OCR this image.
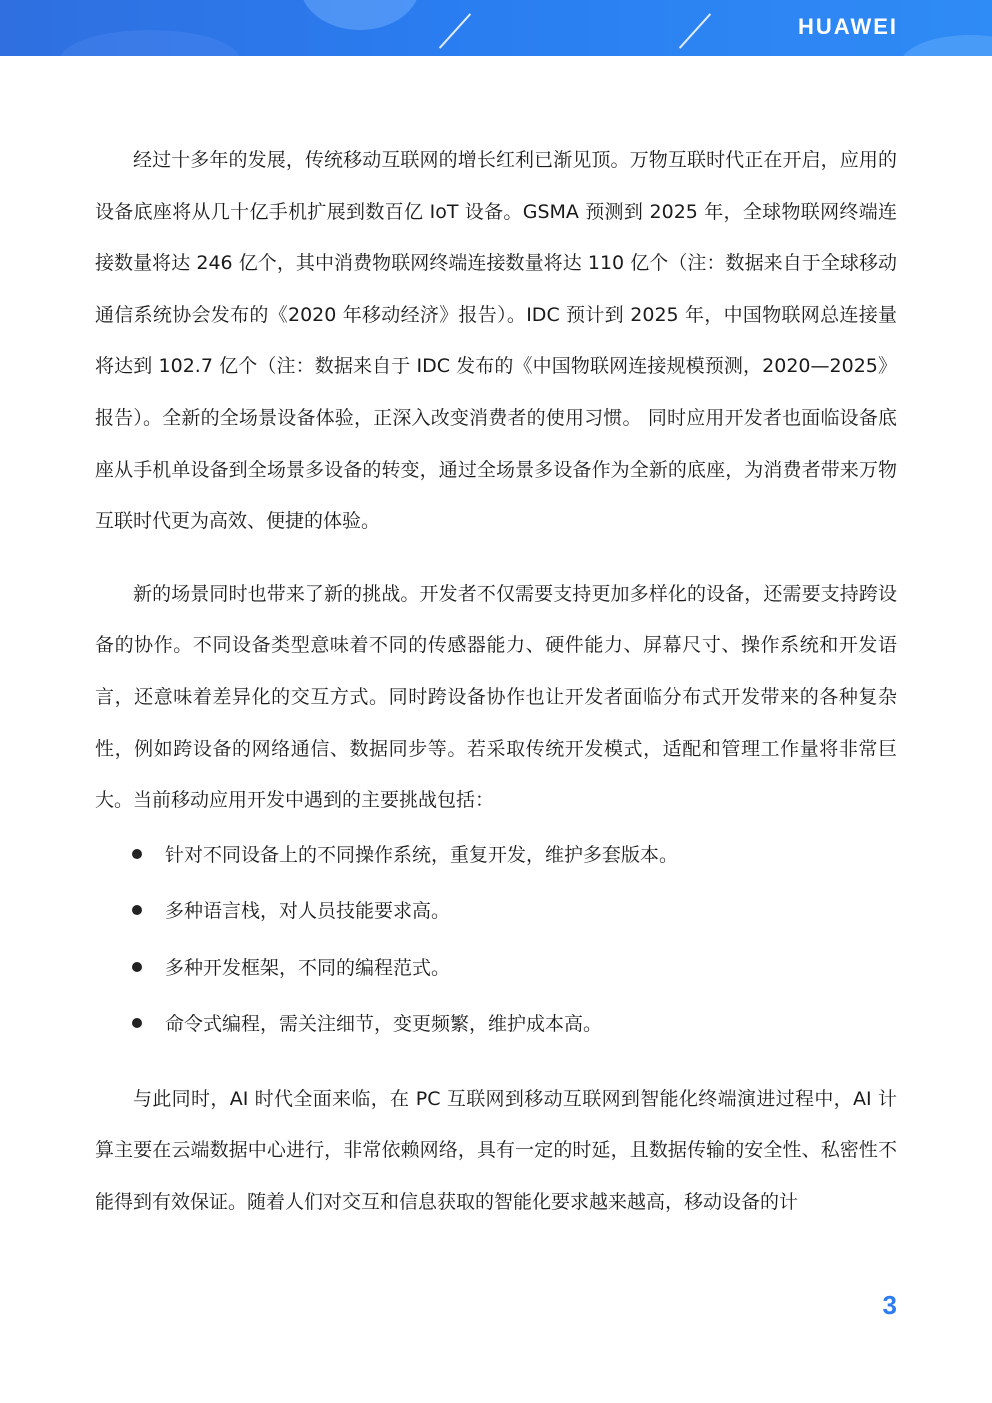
HUAWEI

经过十多年的发展，传统移动互联网的增长红利已渐见顶。万物互联时代正在开启，应用的设备底座将从几十亿手机扩展到数百亿 IoT 设备。GSMA 预测到 2025 年，全球物联网终端连接数量将达 246 亿个，其中消费物联网终端连接数量将达 110 亿个（注：数据来自于全球移动通信系统协会发布的《2020 年移动经济》报告）。IDC 预计到 2025 年，中国物联网总连接量将达到 102.7 亿个（注：数据来自于 IDC 发布的《中国物联网连接规模预测，2020—2025》报告）。全新的全场景设备体验，正深入改变消费者的使用习惯。 同时应用开发者也面临设备底座从手机单设备到全场景多设备的转变，通过全场景多设备作为全新的底座，为消费者带来万物互联时代更为高效、便捷的体验。

新的场景同时也带来了新的挑战。开发者不仅需要支持更加多样化的设备，还需要支持跨设备的协作。不同设备类型意味着不同的传感器能力、硬件能力、屏幕尺寸、操作系统和开发语言，还意味着差异化的交互方式。同时跨设备协作也让开发者面临分布式开发带来的各种复杂性，例如跨设备的网络通信、数据同步等。若采取传统开发模式，适配和管理工作量将非常巨大。当前移动应用开发中遇到的主要挑战包括：

针对不同设备上的不同操作系统，重复开发，维护多套版本。
多种语言栈，对人员技能要求高。
多种开发框架，不同的编程范式。
命令式编程，需关注细节，变更频繁，维护成本高。

与此同时，AI 时代全面来临，在 PC 互联网到移动互联网到智能化终端演进过程中，AI 计算主要在云端数据中心进行，非常依赖网络，具有一定的时延，且数据传输的安全性、私密性不能得到有效保证。随着人们对交互和信息获取的智能化要求越来越高，移动设备的计

3
